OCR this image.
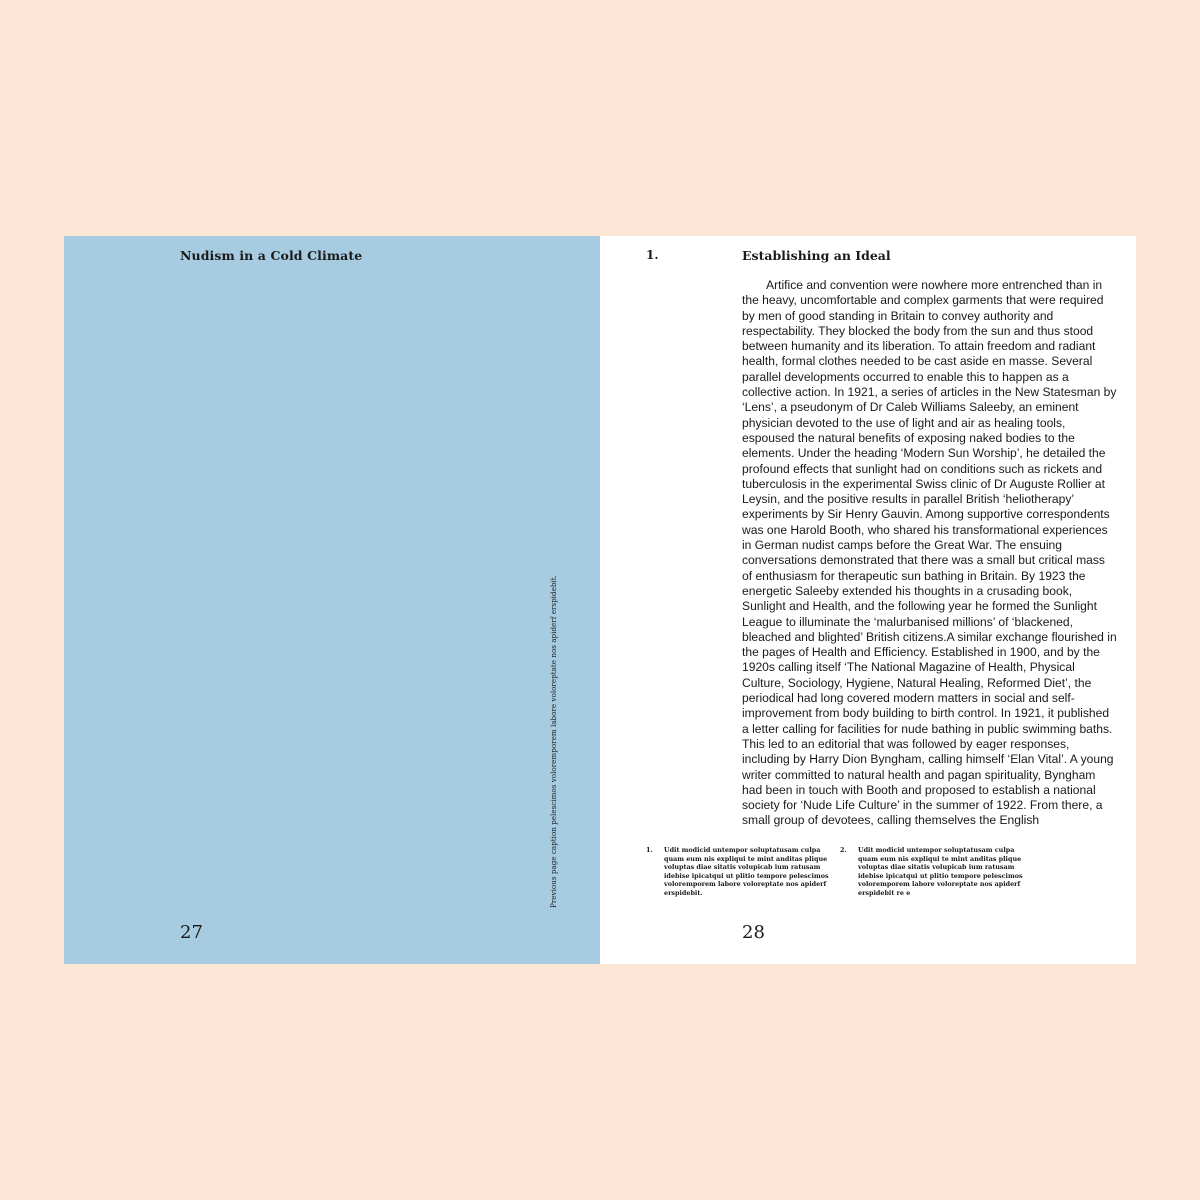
Nudism in a Cold Climate
Previous page caption pelescimos voloremporem labore voloreptate nos apiderf erspidebit.
27
1.	Establishing an Ideal

Artifice and convention were nowhere more entrenched than in the heavy, uncomfortable and complex garments that were required by men of good standing in Britain to convey authority and respectability. They blocked the body from the sun and thus stood between humanity and its liberation. To attain freedom and radiant health, formal clothes needed to be cast aside en masse. Several parallel developments occurred to enable this to happen as a collective action. In 1921, a series of articles in the New Statesman by ‘Lens’, a pseudonym of Dr Caleb Williams Saleeby, an eminent physician devoted to the use of light and air as healing tools, espoused the natural benefits of exposing naked bodies to the elements. Under the heading ‘Modern Sun Worship’, he detailed the profound effects that sunlight had on conditions such as rickets and tuberculosis in the experimental Swiss clinic of Dr Auguste Rollier at Leysin, and the positive results in parallel British ‘heliotherapy’ experiments by Sir Henry Gauvin. Among supportive correspondents was one Harold Booth, who shared his transformational experiences in German nudist camps before the Great War. The ensuing conversations demonstrated that there was a small but critical mass of enthusiasm for therapeutic sun bathing in Britain. By 1923 the energetic Saleeby extended his thoughts in a crusading book, Sunlight and Health, and the following year he formed the Sunlight League to illuminate the ‘malurbanised millions’ of ‘blackened, bleached and blighted’ British citizens.A similar exchange flourished in the pages of Health and Efficiency. Established in 1900, and by the 1920s calling itself ‘The National Magazine of Health, Physical Culture, Sociology, Hygiene, Natural Healing, Reformed Diet’, the periodical had long covered modern matters in social and self-improvement from body building to birth control. In 1921, it published a letter calling for facilities for nude bathing in public swimming baths. This led to an editorial that was followed by eager responses, including by Harry Dion Byngham, calling himself ‘Elan Vital’. A young writer committed to natural health and pagan spirituality, Byngham had been in touch with Booth and proposed to establish a national society for ‘Nude Life Culture’ in the summer of 1922. From there, a small group of devotees, calling themselves the English

1. Udit modicid untempor soluptatusam culpa quam eum nis expliqui te mint anditas plique voluptas diae sitatis volupicab ium ratusam idebise ipicatqui ut plitio tempore pelescimos voloremporem labore voloreptate nos apiderf erspidebit.
2. Udit modicid untempor soluptatusam culpa quam eum nis expliqui te mint anditas plique voluptas diae sitatis volupicab ium ratusam idebise ipicatqui ut plitio tempore pelescimos voloremporem labore voloreptate nos apiderf erspidebit re e
28
